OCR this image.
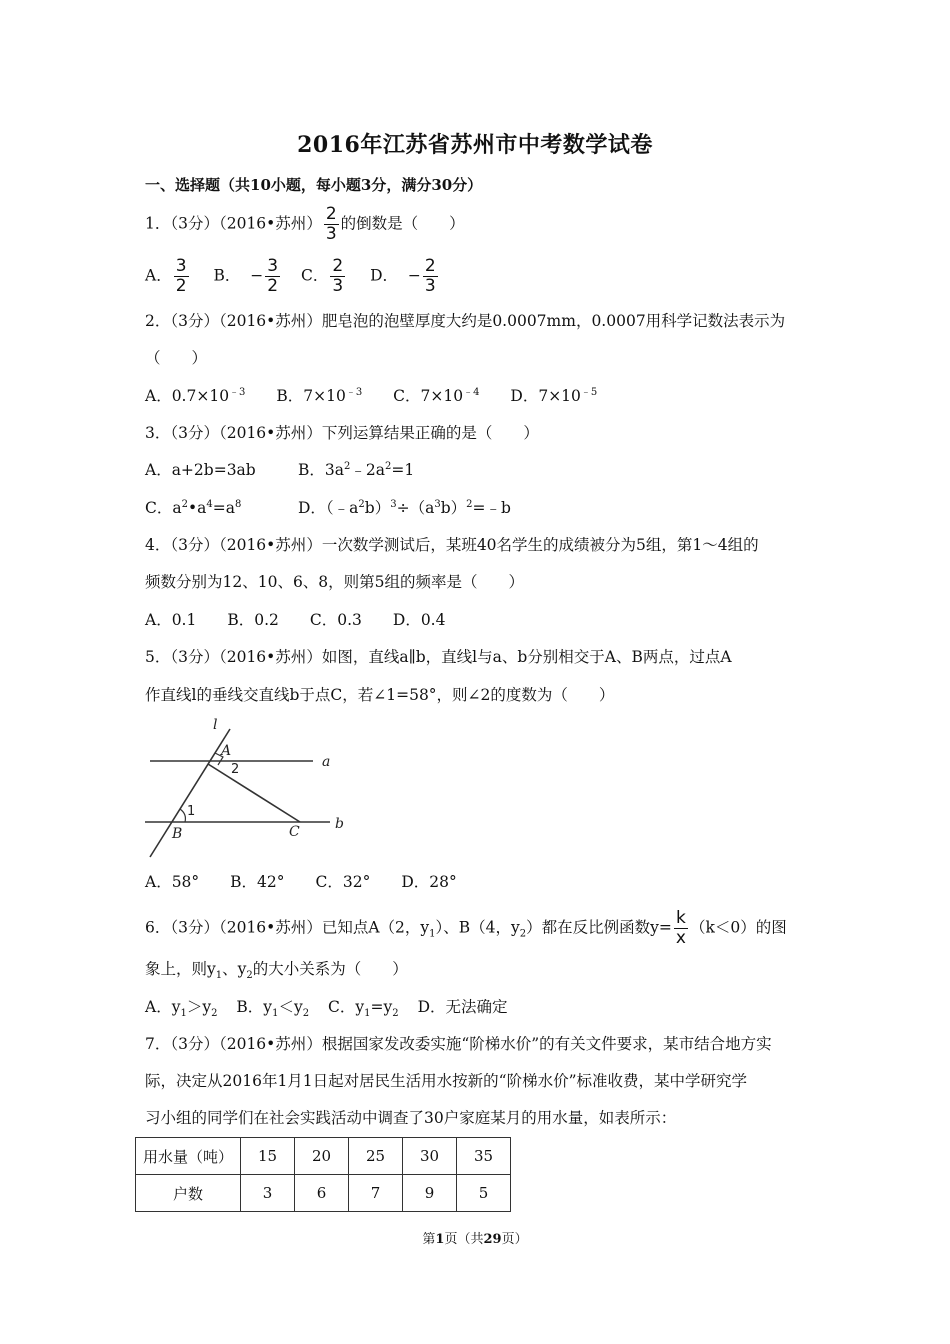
2016年江苏省苏州市中考数学试卷
一、选择题（共10小题，每小题3分，满分30分）
1．（3分）（2016•苏州） $\frac{2}{3}$ 的倒数是（　　）
A． $\frac{3}{2}$ B． − $\frac{3}{2}$ C． $\frac{2}{3}$ D． − $\frac{2}{3}$
2．（3分）（2016•苏州）肥皂泡的泡壁厚度大约是0.0007mm，0.0007用科学记数法表示为
（　　）
A．$0.7\times 10^{﹣3}$ B．$7\times 10^{﹣3}$ C．$7\times 10^{﹣4}$ D．$7\times 10^{﹣5}$
3．（3分）（2016•苏州）下列运算结果正确的是（　　）
A．a+2b=3ab	B．$3a^2﹣2a^2=1$
C．$a^2•a^4=a^8$	D．$(﹣a^2b)^3\div(a^3b)^2=﹣b$
4．（3分）（2016•苏州）一次数学测试后，某班40名学生的成绩被分为5组，第1～4组的
频数分别为12、10、6、8，则第5组的频率是（　　）
A．0.1　　B．0.2　　C．0.3　　D．0.4
5．（3分）（2016•苏州）如图，直线a∥b，直线l与a、b分别相交于A、B两点，过点A
作直线l的垂线交直线b于点C，若∠1=58°，则∠2的度数为（　　）
l
a
b
A
B	C
1
2
A．58°　　B．42°　　C．32°　　D．28°
6．（3分）（2016•苏州）已知点A（2，$y_1$）、B（4，$y_2$）都在反比例函数$y= \frac{k}{x} (k<0)$的图
象上，则$y_1$、$y_2$的大小关系为（　　）
A．$y_1>y_2$ B．$y_1<y_2$ C．$y_1=y_2$ D．无法确定
7．（3分）（2016•苏州）根据国家发改委实施“阶梯水价”的有关文件要求，某市结合地方实
际，决定从2016年1月1日起对居民生活用水按新的“阶梯水价”标准收费，某中学研究学
习小组的同学们在社会实践活动中调查了30户家庭某月的用水量，如表所示：
用水量（吨）	15	20	25	30	35
户数	3	6	7	9	5
第1页（共29页）
